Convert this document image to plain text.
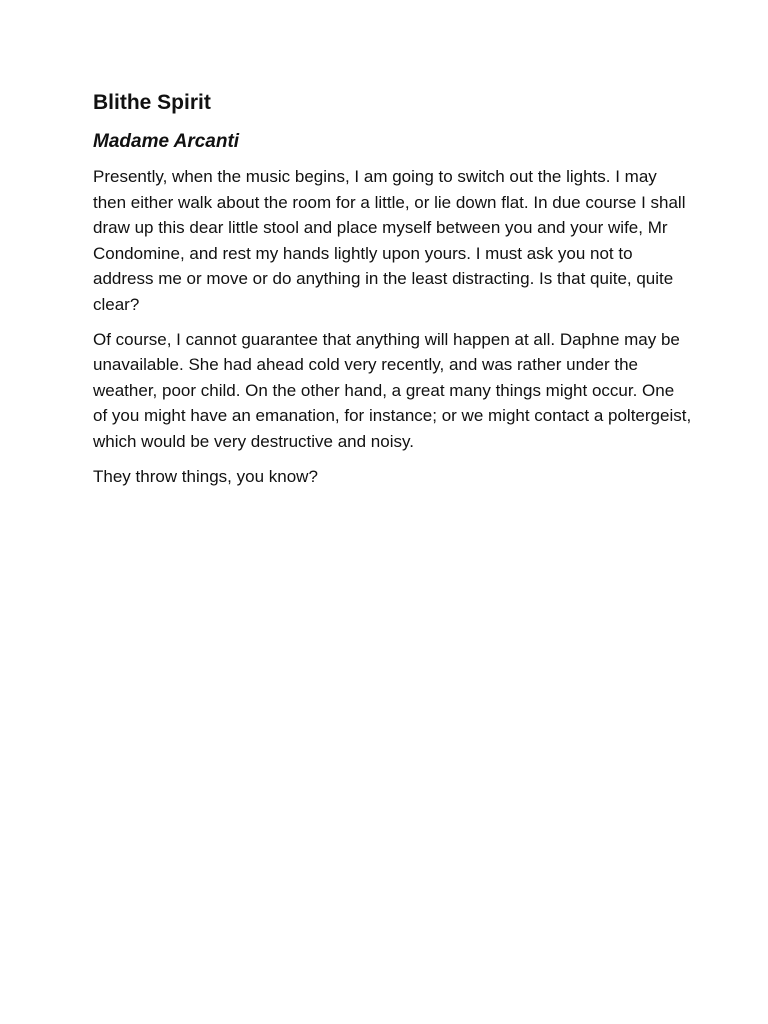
Blithe Spirit
Madame Arcanti

Presently, when the music begins, I am going to switch out the lights. I may then either walk about the room for a little, or lie down flat. In due course I shall draw up this dear little stool and place myself between you and your wife, Mr Condomine, and rest my hands lightly upon yours. I must ask you not to address me or move or do anything in the least distracting. Is that quite, quite clear?

Of course, I cannot guarantee that anything will happen at all. Daphne may be unavailable. She had ahead cold very recently, and was rather under the weather, poor child. On the other hand, a great many things might occur. One of you might have an emanation, for instance; or we might contact a poltergeist, which would be very destructive and noisy.

They throw things, you know?
